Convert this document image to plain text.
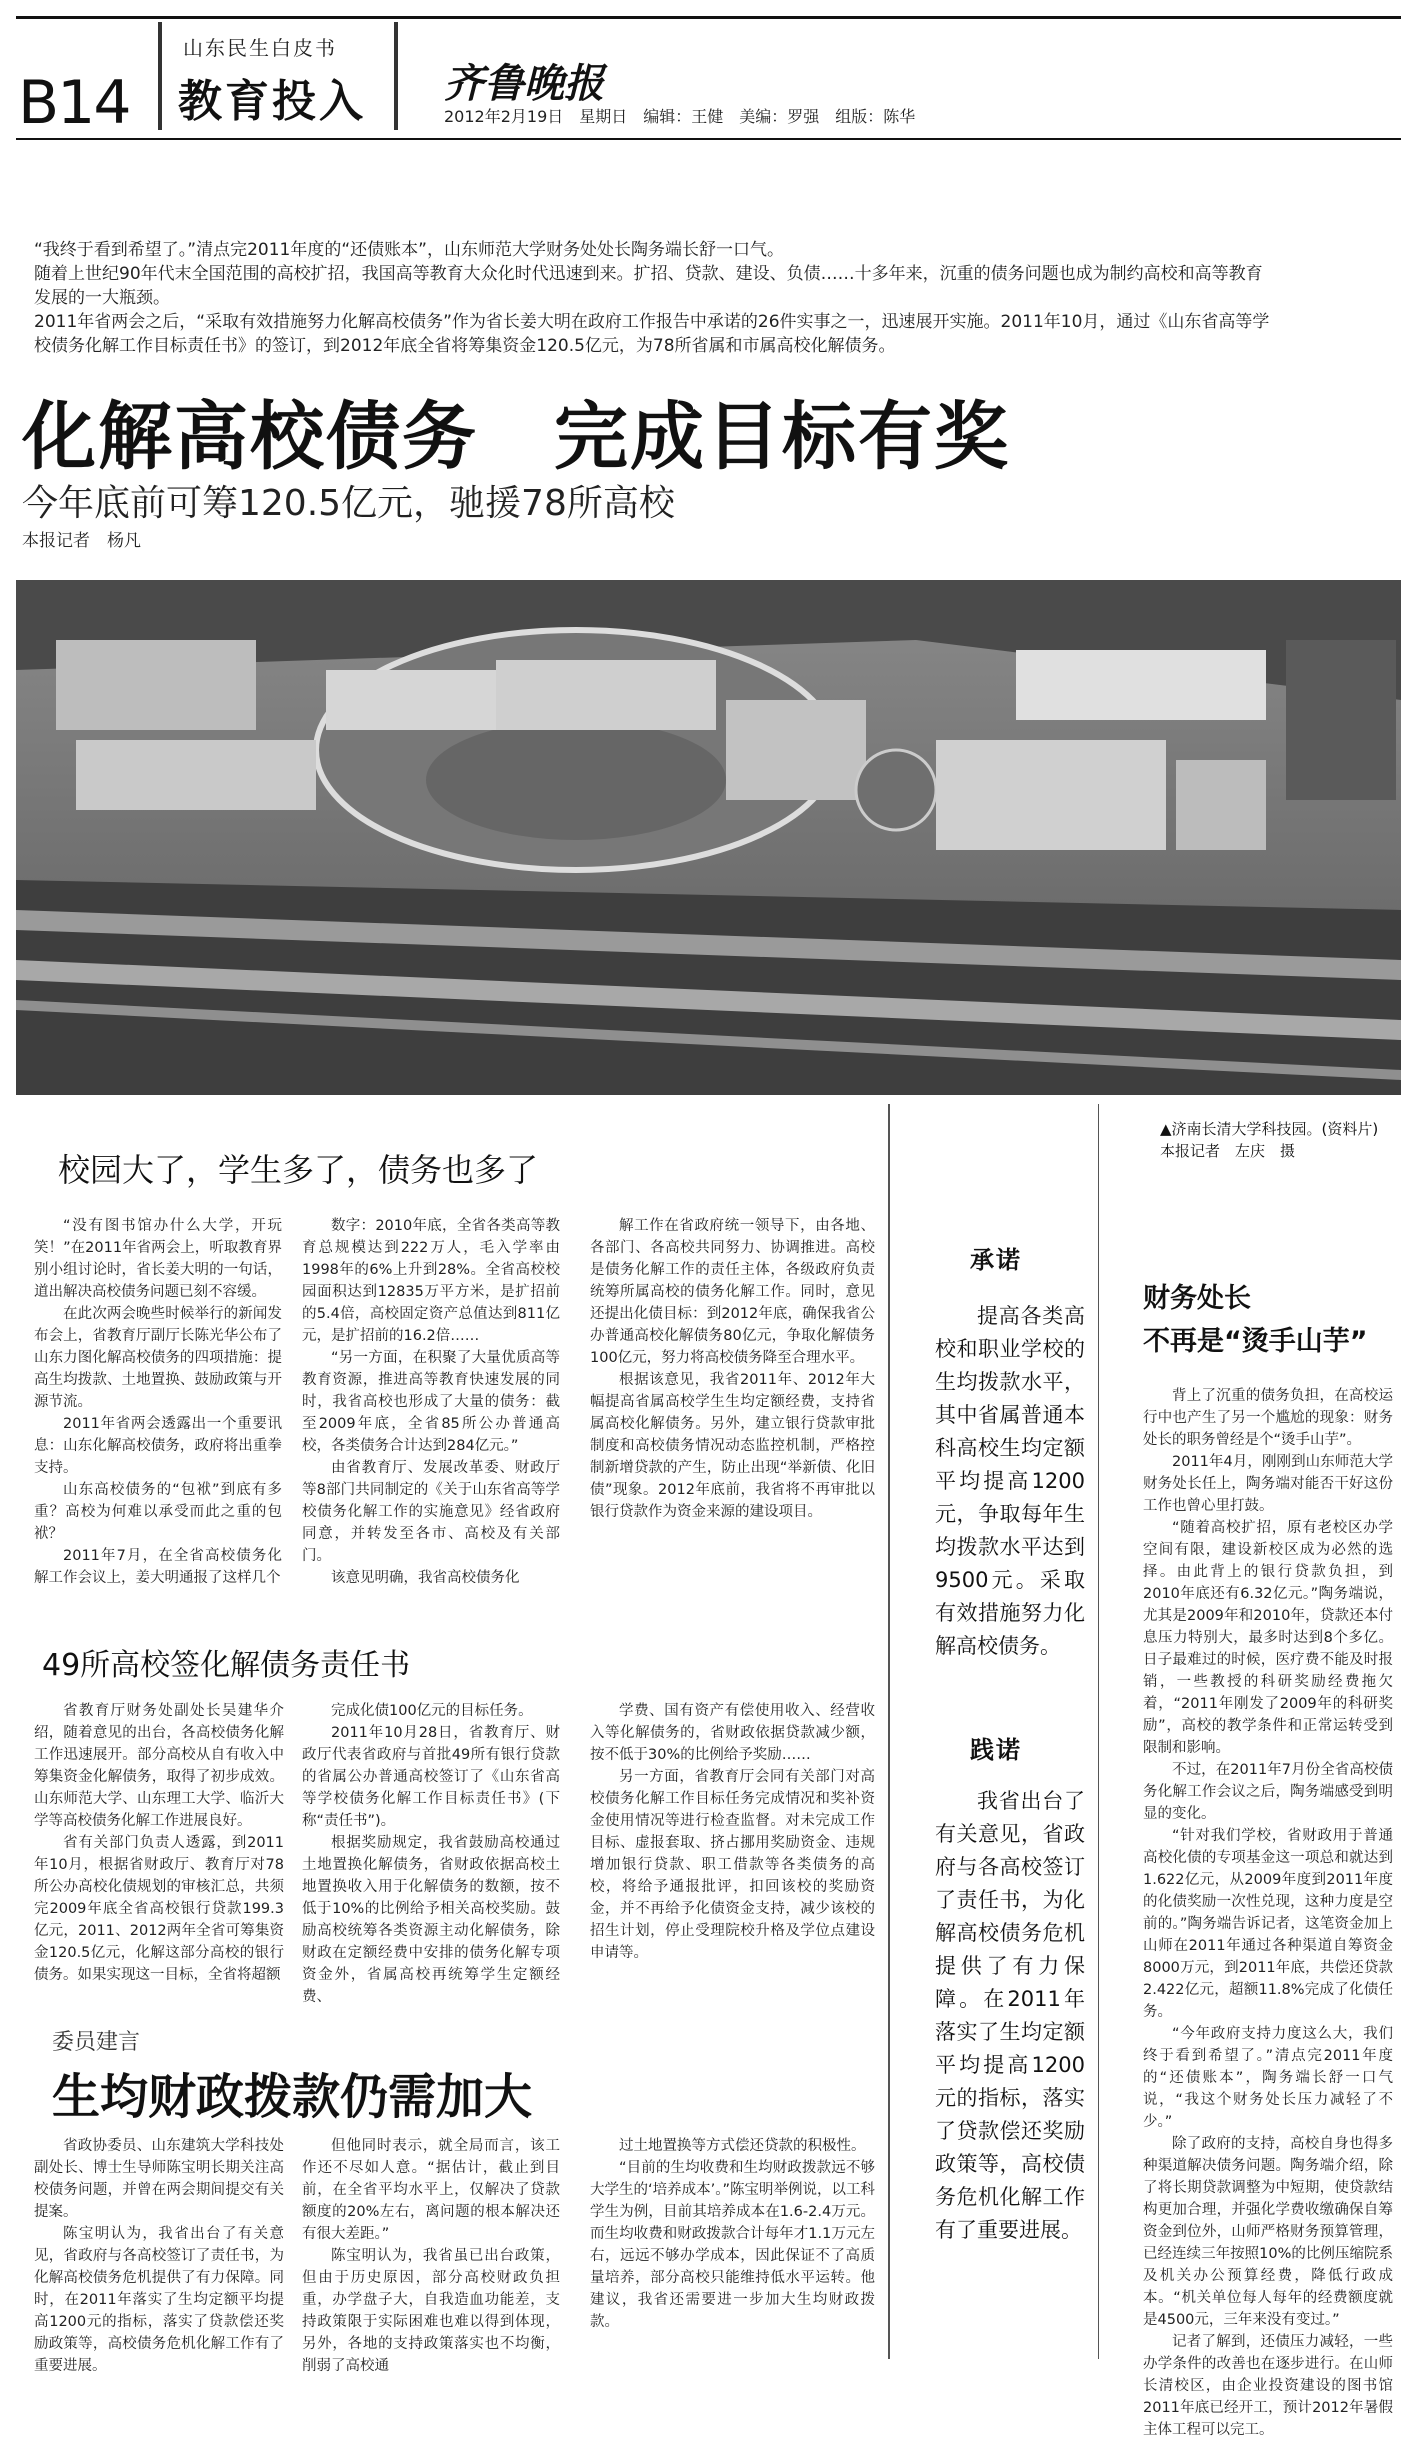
B14
山东民生白皮书
教育投入 齐鲁晚报
2012年2月19日　星期日　编辑：王健　美编：罗强　组版：陈华
“我终于看到希望了。”清点完2011年度的“还债账本”，山东师范大学财务处处长陶务端长舒一口气。
随着上世纪90年代末全国范围的高校扩招，我国高等教育大众化时代迅速到来。扩招、贷款、建设、负债……十多年来，沉重的债务问题也成为制约高校和高等教育发展的一大瓶颈。
2011年省两会之后，“采取有效措施努力化解高校债务”作为省长姜大明在政府工作报告中承诺的26件实事之一，迅速展开实施。2011年10月，通过《山东省高等学校债务化解工作目标责任书》的签订，到2012年底全省将筹集资金120.5亿元，为78所省属和市属高校化解债务。
化解高校债务　完成目标有奖
今年底前可筹120.5亿元，驰援78所高校
本报记者　杨凡
▲济南长清大学科技园。(资料片)
本报记者　左庆　摄
校园大了，学生多了，债务也多了

“没有图书馆办什么大学，开玩笑！”在2011年省两会上，听取教育界别小组讨论时，省长姜大明的一句话，道出解决高校债务问题已刻不容缓。

在此次两会晚些时候举行的新闻发布会上，省教育厅副厅长陈光华公布了山东力图化解高校债务的四项措施：提高生均拨款、土地置换、鼓励政策与开源节流。

2011年省两会透露出一个重要讯息：山东化解高校债务，政府将出重拳支持。

山东高校债务的“包袱”到底有多重？高校为何难以承受而此之重的包袱？

2011年7月，在全省高校债务化解工作会议上，姜大明通报了这样几个

数字：2010年底，全省各类高等教育总规模达到222万人，毛入学率由1998年的6%上升到28%。全省高校校园面积达到12835万平方米，是扩招前的5.4倍，高校固定资产总值达到811亿元，是扩招前的16.2倍……

“另一方面，在积聚了大量优质高等教育资源，推进高等教育快速发展的同时，我省高校也形成了大量的债务：截至2009年底，全省85所公办普通高校，各类债务合计达到284亿元。”

由省教育厅、发展改革委、财政厅等8部门共同制定的《关于山东省高等学校债务化解工作的实施意见》经省政府同意，并转发至各市、高校及有关部门。

该意见明确，我省高校债务化

解工作在省政府统一领导下，由各地、各部门、各高校共同努力、协调推进。高校是债务化解工作的责任主体，各级政府负责统筹所属高校的债务化解工作。同时，意见还提出化债目标：到2012年底，确保我省公办普通高校化解债务80亿元，争取化解债务100亿元，努力将高校债务降至合理水平。

根据该意见，我省2011年、2012年大幅提高省属高校学生生均定额经费，支持省属高校化解债务。另外，建立银行贷款审批制度和高校债务情况动态监控机制，严格控制新增贷款的产生，防止出现“举新债、化旧债”现象。2012年底前，我省将不再审批以银行贷款作为资金来源的建设项目。

49所高校签化解债务责任书

省教育厅财务处副处长吴建华介绍，随着意见的出台，各高校债务化解工作迅速展开。部分高校从自有收入中筹集资金化解债务，取得了初步成效。山东师范大学、山东理工大学、临沂大学等高校债务化解工作进展良好。

省有关部门负责人透露，到2011年10月，根据省财政厅、教育厅对78所公办高校化债规划的审核汇总，共须完2009年底全省高校银行贷款199.3亿元，2011、2012两年全省可筹集资金120.5亿元，化解这部分高校的银行债务。如果实现这一目标，全省将超额

完成化债100亿元的目标任务。

2011年10月28日，省教育厅、财政厅代表省政府与首批49所有银行贷款的省属公办普通高校签订了《山东省高等学校债务化解工作目标责任书》(下称“责任书”)。

根据奖励规定，我省鼓励高校通过土地置换化解债务，省财政依据高校土地置换收入用于化解债务的数额，按不低于10%的比例给予相关高校奖励。鼓励高校统筹各类资源主动化解债务，除财政在定额经费中安排的债务化解专项资金外，省属高校再统筹学生定额经费、

学费、国有资产有偿使用收入、经营收入等化解债务的，省财政依据贷款减少额，按不低于30%的比例给予奖励……

另一方面，省教育厅会同有关部门对高校债务化解工作目标任务完成情况和奖补资金使用情况等进行检查监督。对未完成工作目标、虚报套取、挤占挪用奖励资金、违规增加银行贷款、职工借款等各类债务的高校，将给予通报批评，扣回该校的奖励资金，并不再给予化债资金支持，减少该校的招生计划，停止受理院校升格及学位点建设申请等。

委员建言
生均财政拨款仍需加大

省政协委员、山东建筑大学科技处副处长、博士生导师陈宝明长期关注高校债务问题，并曾在两会期间提交有关提案。

陈宝明认为，我省出台了有关意见，省政府与各高校签订了责任书，为化解高校债务危机提供了有力保障。同时，在2011年落实了生均定额平均提高1200元的指标，落实了贷款偿还奖励政策等，高校债务危机化解工作有了重要进展。

但他同时表示，就全局而言，该工作还不尽如人意。“据估计，截止到目前，在全省平均水平上，仅解决了贷款额度的20%左右，离问题的根本解决还有很大差距。”

陈宝明认为，我省虽已出台政策，但由于历史原因，部分高校财政负担重，办学盘子大，自我造血功能差，支持政策限于实际困难也难以得到体现，另外，各地的支持政策落实也不均衡，削弱了高校通

过土地置换等方式偿还贷款的积极性。

“目前的生均收费和生均财政拨款远不够大学生的‘培养成本’。”陈宝明举例说，以工科学生为例，目前其培养成本在1.6-2.4万元。而生均收费和财政拨款合计每年才1.1万元左右，远远不够办学成本，因此保证不了高质量培养，部分高校只能维持低水平运转。他建议，我省还需要进一步加大生均财政拨款。

承诺

提高各类高校和职业学校的生均拨款水平，其中省属普通本科高校生均定额平均提高1200元，争取每年生均拨款水平达到9500元。采取有效措施努力化解高校债务。

践诺

我省出台了有关意见，省政府与各高校签订了责任书，为化解高校债务危机提供了有力保障。在2011年落实了生均定额平均提高1200元的指标，落实了贷款偿还奖励政策等，高校债务危机化解工作有了重要进展。

财务处长
不再是“烫手山芋”

背上了沉重的债务负担，在高校运行中也产生了另一个尴尬的现象：财务处长的职务曾经是个“烫手山芋”。

2011年4月，刚刚到山东师范大学财务处长任上，陶务端对能否干好这份工作也曾心里打鼓。

“随着高校扩招，原有老校区办学空间有限，建设新校区成为必然的选择。由此背上的银行贷款负担，到2010年底还有6.32亿元。”陶务端说，尤其是2009年和2010年，贷款还本付息压力特别大，最多时达到8个多亿。日子最难过的时候，医疗费不能及时报销，一些教授的科研奖励经费拖欠着，“2011年刚发了2009年的科研奖励”，高校的教学条件和正常运转受到限制和影响。

不过，在2011年7月份全省高校债务化解工作会议之后，陶务端感受到明显的变化。

“针对我们学校，省财政用于普通高校化债的专项基金这一项总和就达到1.622亿元，从2009年度到2011年度的化债奖励一次性兑现，这种力度是空前的。”陶务端告诉记者，这笔资金加上山师在2011年通过各种渠道自筹资金8000万元，到2011年底，共偿还贷款2.422亿元，超额11.8%完成了化债任务。

“今年政府支持力度这么大，我们终于看到希望了。”清点完2011年度的“还债账本”，陶务端长舒一口气说，“我这个财务处长压力减轻了不少。”

除了政府的支持，高校自身也得多种渠道解决债务问题。陶务端介绍，除了将长期贷款调整为中短期，使贷款结构更加合理，并强化学费收缴确保自筹资金到位外，山师严格财务预算管理，已经连续三年按照10%的比例压缩院系及机关办公预算经费，降低行政成本。“机关单位每人每年的经费额度就是4500元，三年来没有变过。”

记者了解到，还债压力减轻，一些办学条件的改善也在逐步进行。在山师长清校区，由企业投资建设的图书馆2011年底已经开工，预计2012年暑假主体工程可以完工。
